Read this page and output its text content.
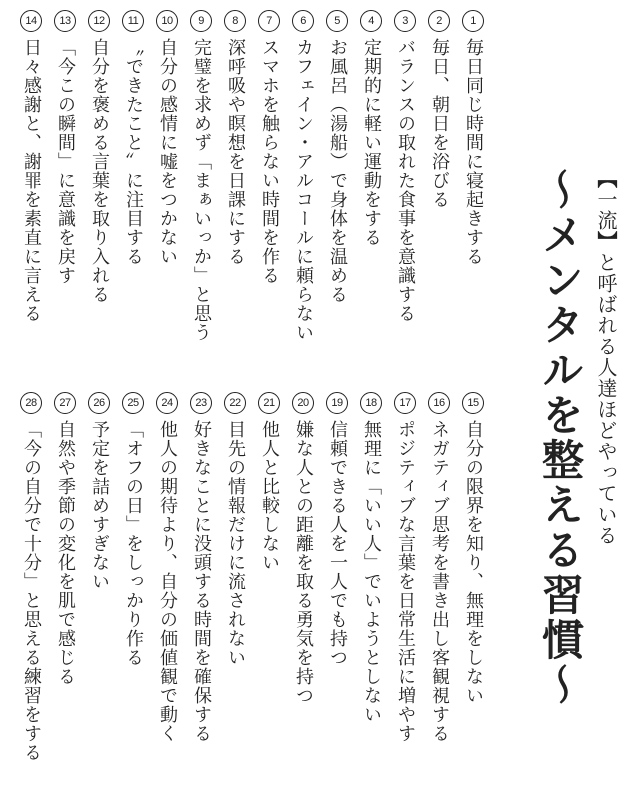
【一流】と呼ばれる人達ほどやっている
〜メンタルを整える習慣〜
1
毎日同じ時間に寝起きする
2
毎日、朝日を浴びる
3
バランスの取れた食事を意識する
4
定期的に軽い運動をする
5
お風呂（湯船）で身体を温める
6
カフェイン・アルコールに頼らない
7
スマホを触らない時間を作る
8
深呼吸や瞑想を日課にする
9
完璧を求めず「まぁいっか」と思う
10
自分の感情に嘘をつかない
11
〝できたこと〟に注目する
12
自分を褒める言葉を取り入れる
13
「今この瞬間」に意識を戻す
14
日々感謝と、謝罪を素直に言える
15
自分の限界を知り、無理をしない
16
ネガティブ思考を書き出し客観視する
17
ポジティブな言葉を日常生活に増やす
18
無理に「いい人」でいようとしない
19
信頼できる人を一人でも持つ
20
嫌な人との距離を取る勇気を持つ
21
他人と比較しない
22
目先の情報だけに流されない
23
好きなことに没頭する時間を確保する
24
他人の期待より、自分の価値観で動く
25
「オフの日」をしっかり作る
26
予定を詰めすぎない
27
自然や季節の変化を肌で感じる
28
「今の自分で十分」と思える練習をする
